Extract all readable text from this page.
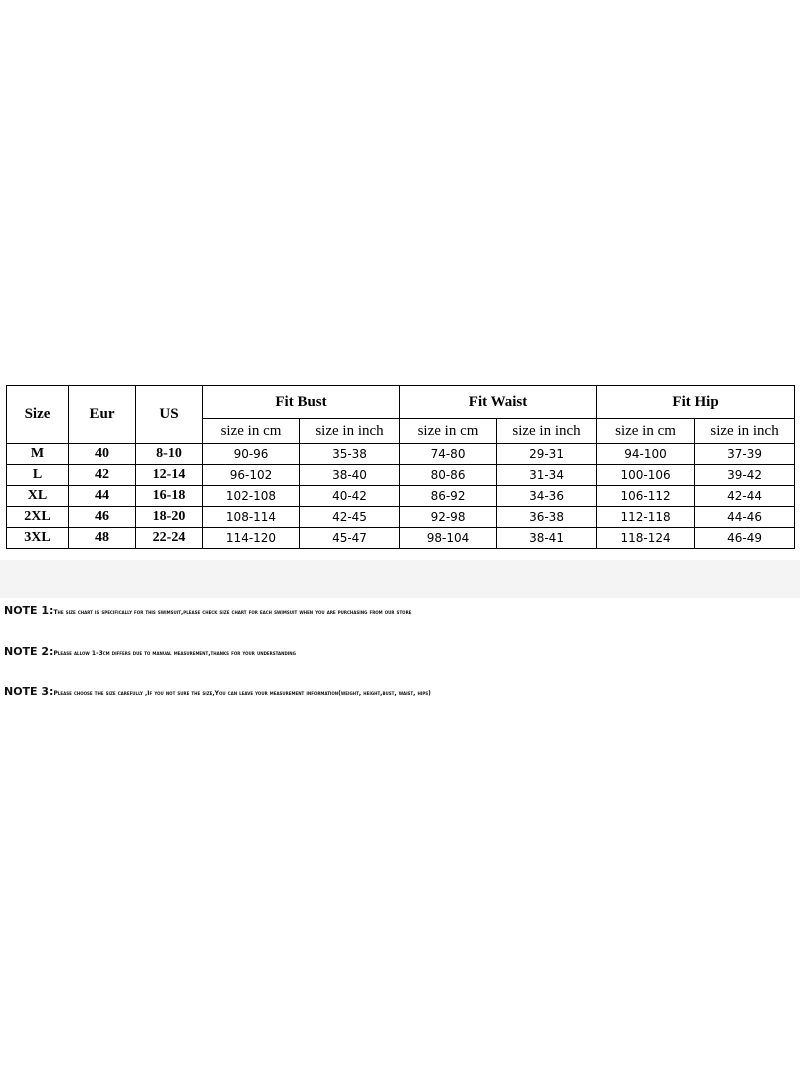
Size	Eur	US	Fit Bust		Fit Waist		Fit Hip	
			size in cm	size in inch	size in cm	size in inch	size in cm	size in inch
M	40	8-10	90-96	35-38	74-80	29-31	94-100	37-39
L	42	12-14	96-102	38-40	80-86	31-34	100-106	39-42
XL	44	16-18	102-108	40-42	86-92	34-36	106-112	42-44
2XL	46	18-20	108-114	42-45	92-98	36-38	112-118	44-46
3XL	48	22-24	114-120	45-47	98-104	38-41	118-124	46-49
NOTE 1:The size chart is specifically for this swimsuit,please check size chart for each swimsuit when you are purchasing from our store
NOTE 2:Please allow 1-3cm differs due to manual measurement,thanks for your understanding
NOTE 3:Please choose the size carefully ,If you not sure the size,You can leave your measurement information(weight, height,bust, waist, hips)
